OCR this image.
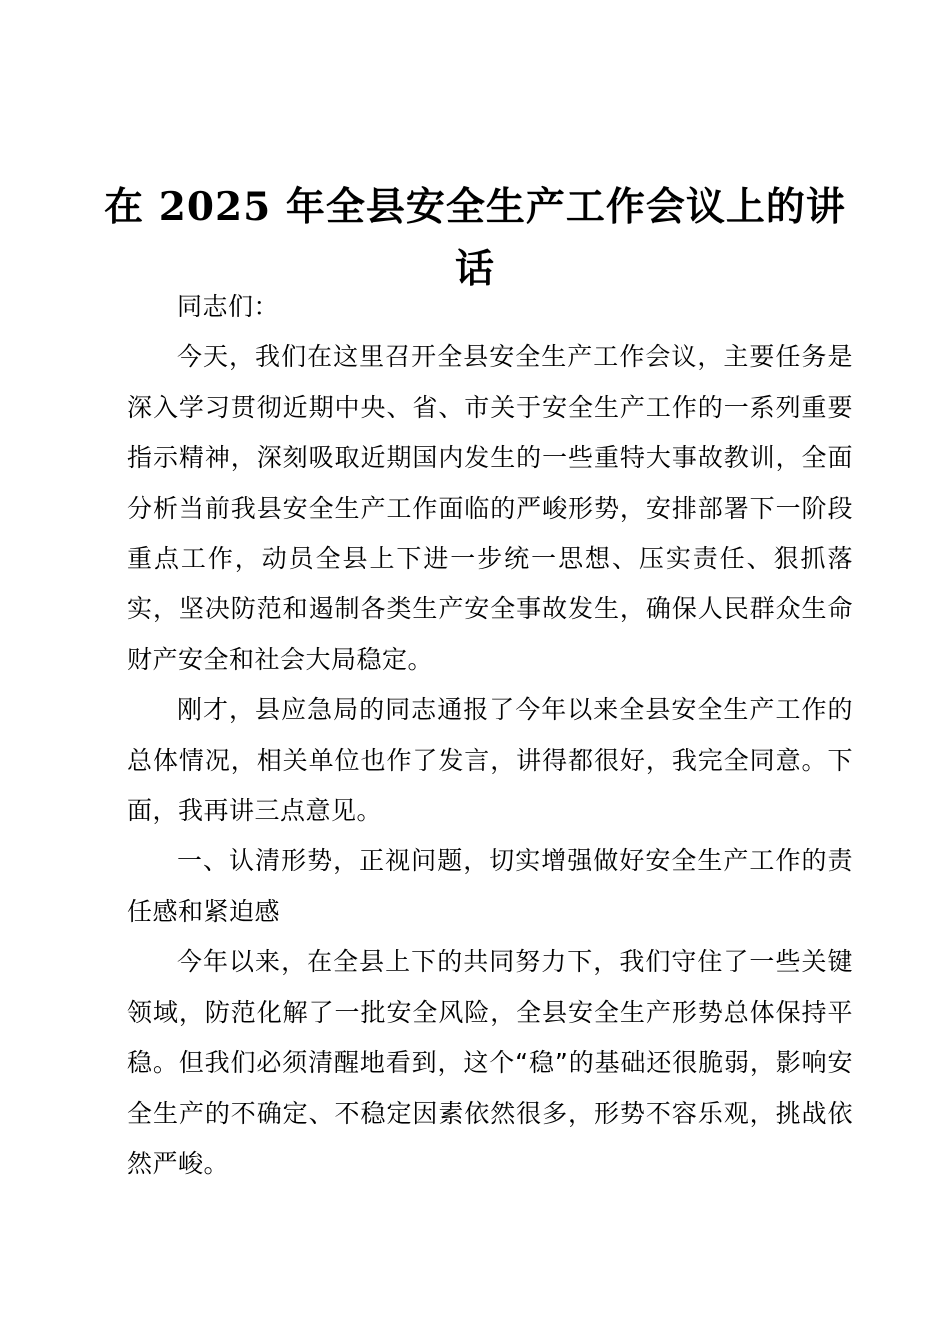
在 2025 年全县安全生产工作会议上的讲话

同志们：

今天，我们在这里召开全县安全生产工作会议，主要任务是深入学习贯彻近期中央、省、市关于安全生产工作的一系列重要指示精神，深刻吸取近期国内发生的一些重特大事故教训，全面分析当前我县安全生产工作面临的严峻形势，安排部署下一阶段重点工作，动员全县上下进一步统一思想、压实责任、狠抓落实，坚决防范和遏制各类生产安全事故发生，确保人民群众生命财产安全和社会大局稳定。

刚才，县应急局的同志通报了今年以来全县安全生产工作的总体情况，相关单位也作了发言，讲得都很好，我完全同意。下面，我再讲三点意见。

一、认清形势，正视问题，切实增强做好安全生产工作的责任感和紧迫感

今年以来，在全县上下的共同努力下，我们守住了一些关键领域，防范化解了一批安全风险，全县安全生产形势总体保持平稳。但我们必须清醒地看到，这个“稳”的基础还很脆弱，影响安全生产的不确定、不稳定因素依然很多，形势不容乐观，挑战依然严峻。
